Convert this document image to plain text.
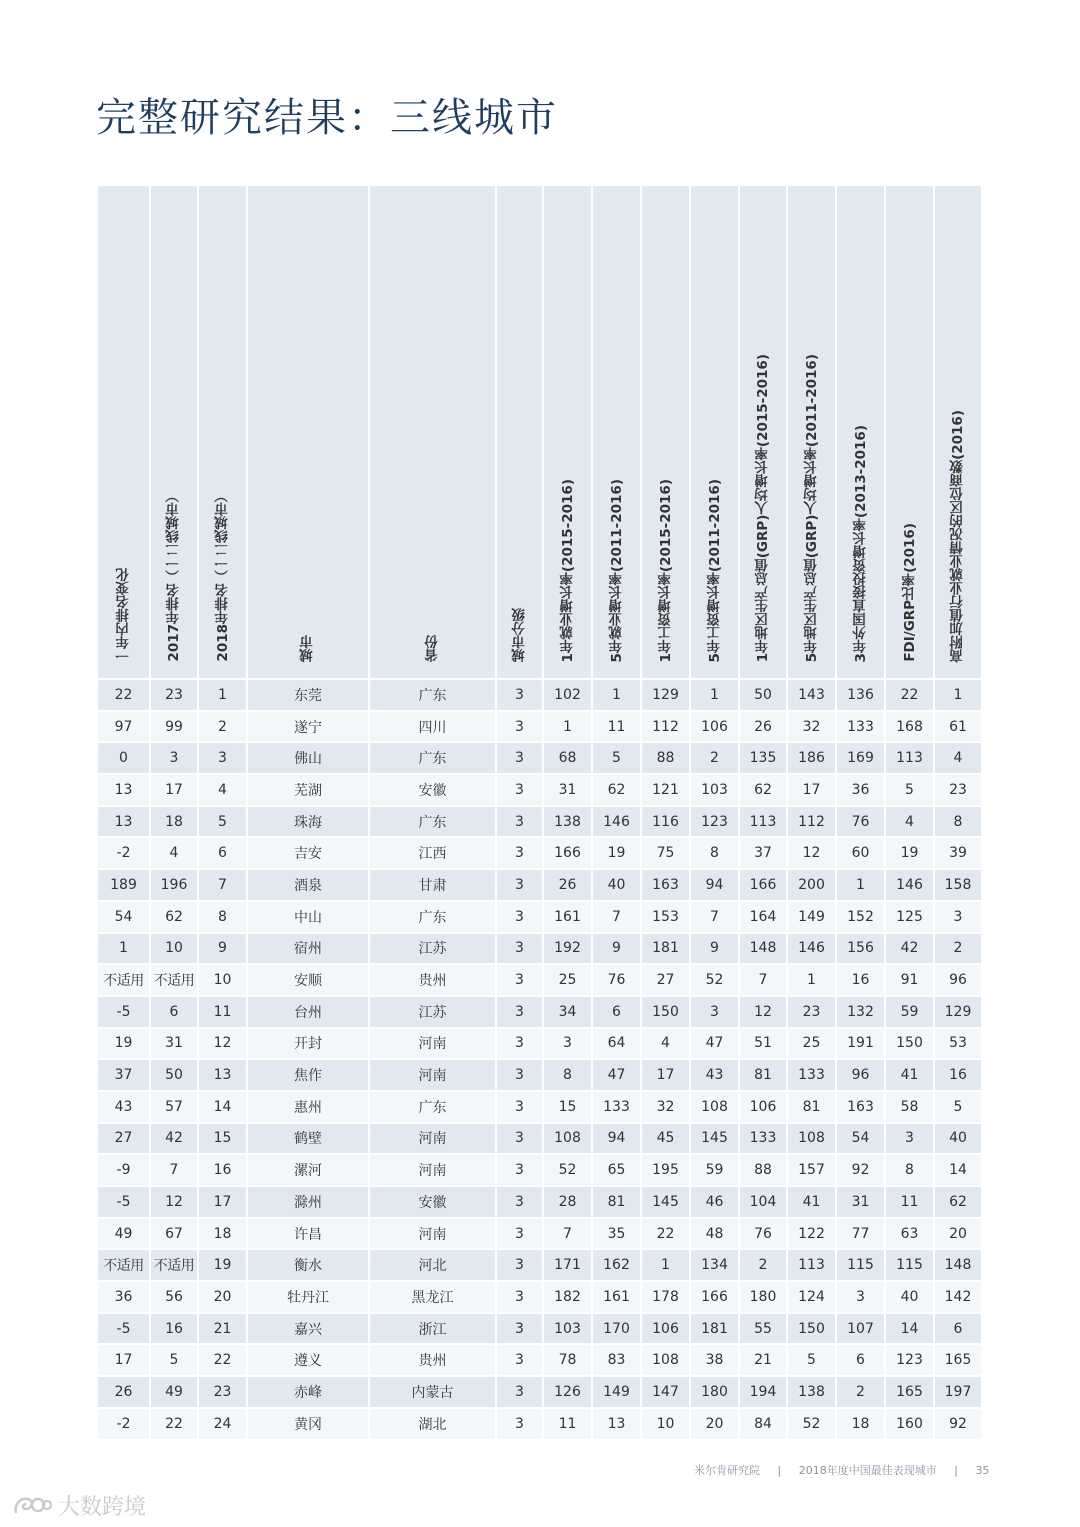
完整研究结果：三线城市
一年内排名变化	2017年排名（一二线城市）	2018年排名（一二线城市）	城市	省份	城市分级	1年就业增长率(2015-2016)	5年就业增长率(2011-2016)	1年工资增长率(2015-2016)	5年工资增长率(2011-2016)	1年地区生产总值(GRP)人均增长率(2015-2016)	5年地区生产总值(GRP)人均增长率(2011-2016)	3年外国直接投资增长率(2013-2016)	FDI/GRP比率(2016)	高附加值行业就业情况的区位商数(2016)

22	23	1	东莞	广东	3	102	1	129	1	50	143	136	22	1
97	99	2	遂宁	四川	3	1	11	112	106	26	32	133	168	61
0	3	3	佛山	广东	3	68	5	88	2	135	186	169	113	4
13	17	4	芜湖	安徽	3	31	62	121	103	62	17	36	5	23
13	18	5	珠海	广东	3	138	146	116	123	113	112	76	4	8
-2	4	6	吉安	江西	3	166	19	75	8	37	12	60	19	39
189	196	7	酒泉	甘肃	3	26	40	163	94	166	200	1	146	158
54	62	8	中山	广东	3	161	7	153	7	164	149	152	125	3
1	10	9	宿州	江苏	3	192	9	181	9	148	146	156	42	2
不适用	不适用	10	安顺	贵州	3	25	76	27	52	7	1	16	91	96
-5	6	11	台州	江苏	3	34	6	150	3	12	23	132	59	129
19	31	12	开封	河南	3	3	64	4	47	51	25	191	150	53
37	50	13	焦作	河南	3	8	47	17	43	81	133	96	41	16
43	57	14	惠州	广东	3	15	133	32	108	106	81	163	58	5
27	42	15	鹤壁	河南	3	108	94	45	145	133	108	54	3	40
-9	7	16	漯河	河南	3	52	65	195	59	88	157	92	8	14
-5	12	17	滁州	安徽	3	28	81	145	46	104	41	31	11	62
49	67	18	许昌	河南	3	7	35	22	48	76	122	77	63	20
不适用	不适用	19	衡水	河北	3	171	162	1	134	2	113	115	115	148
36	56	20	牡丹江	黑龙江	3	182	161	178	166	180	124	3	40	142
-5	16	21	嘉兴	浙江	3	103	170	106	181	55	150	107	14	6
17	5	22	遵义	贵州	3	78	83	108	38	21	5	6	123	165
26	49	23	赤峰	内蒙古	3	126	149	147	180	194	138	2	165	197
-2	22	24	黄冈	湖北	3	11	13	10	20	84	52	18	160	92
米尔肯研究院 | 2018年度中国最佳表现城市 | 35
大数跨境
